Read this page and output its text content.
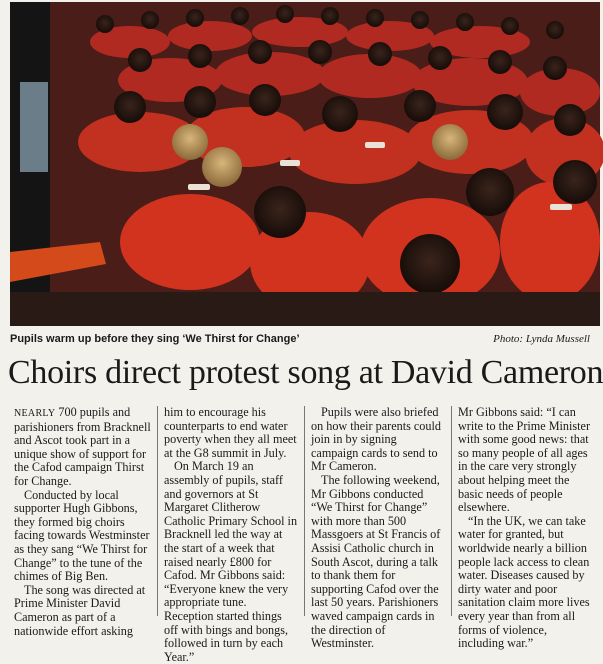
Pupils warm up before they sing ‘We Thirst for Change’	Photo: Lynda Mussell
Choirs direct protest song at David Cameron

NEARLY 700 pupils and parishioners from Bracknell and Ascot took part in a unique show of support for the Cafod campaign Thirst for Change.

Conducted by local supporter Hugh Gibbons, they formed big choirs facing towards Westminster as they sang “We Thirst for Change” to the tune of the chimes of Big Ben.

The song was directed at Prime Minister David Cameron as part of a nationwide effort asking

him to encourage his counterparts to end water poverty when they all meet at the G8 summit in July.

On March 19 an assembly of pupils, staff and governors at St Margaret Clitherow Catholic Primary School in Bracknell led the way at the start of a week that raised nearly £800 for Cafod. Mr Gibbons said: “Everyone knew the very appropriate tune. Reception started things off with bings and bongs, followed in turn by each Year.”

Pupils were also briefed on how their parents could join in by signing campaign cards to send to Mr Cameron.

The following weekend, Mr Gibbons conducted “We Thirst for Change” with more than 500 Massgoers at St Francis of Assisi Catholic church in South Ascot, during a talk to thank them for supporting Cafod over the last 50 years. Parishioners waved campaign cards in the direction of Westminster.

Mr Gibbons said: “I can write to the Prime Minister with some good news: that so many people of all ages in the care very strongly about helping meet the basic needs of people elsewhere.

“In the UK, we can take water for granted, but worldwide nearly a billion people lack access to clean water. Diseases caused by dirty water and poor sanitation claim more lives every year than from all forms of violence, including war.”
